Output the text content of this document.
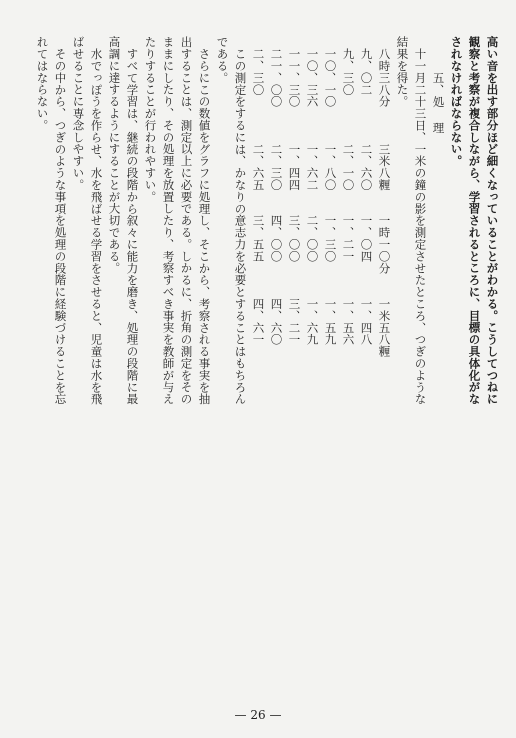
高い音を出す部分ほど細くなっていることがわかる。こうしてつねに
観察と考察が複合しながら、学習されるところに、目標の具体化がな
されなければならない。
五、処 理
十一月二十三日、一米の鐘の影を測定させたところ、つぎのような
結果を得た。
八時三八分　　　三米八糎　　一時一〇分　　一米五八糎
九、〇二　　　　二、六〇　　一、〇四　　　一、四八
九、三〇　　　　二、一〇　　一、二一　　　一、五六
一〇、一〇　　　一、八〇　　一、三〇　　　一、五九
一〇、三六　　　一、六二　　二、〇〇　　　一、六九
一一、三〇　　　一、四四　　三、〇〇　　　三、二一
二一、〇〇　　　二、三〇　　四、〇〇　　　四、六〇
二、三〇　　　　二、六五　　三、五五　　　四、六一
この測定をするには、かなりの意志力を必要とすることはもちろん
である。
さらにこの数値をグラフに処理し、そこから、考察される事実を抽
出することは、測定以上に必要である。しかるに、折角の測定をその
ままにしたり、その処理を放置したり、考察すべき事実を教師が与え
たりすることが行われやすい。
すべて学習は、継続の段階から叙々に能力を磨き、処理の段階に最
高調に達するようにすることが大切である。
水でっぽうを作らせ、水を飛ばせる学習をさせると、児童は水を飛
ばせることに専念しやすい。
その中から、つぎのような事項を処理の段階に経験づけることを忘
れてはならない。
— 26 —
